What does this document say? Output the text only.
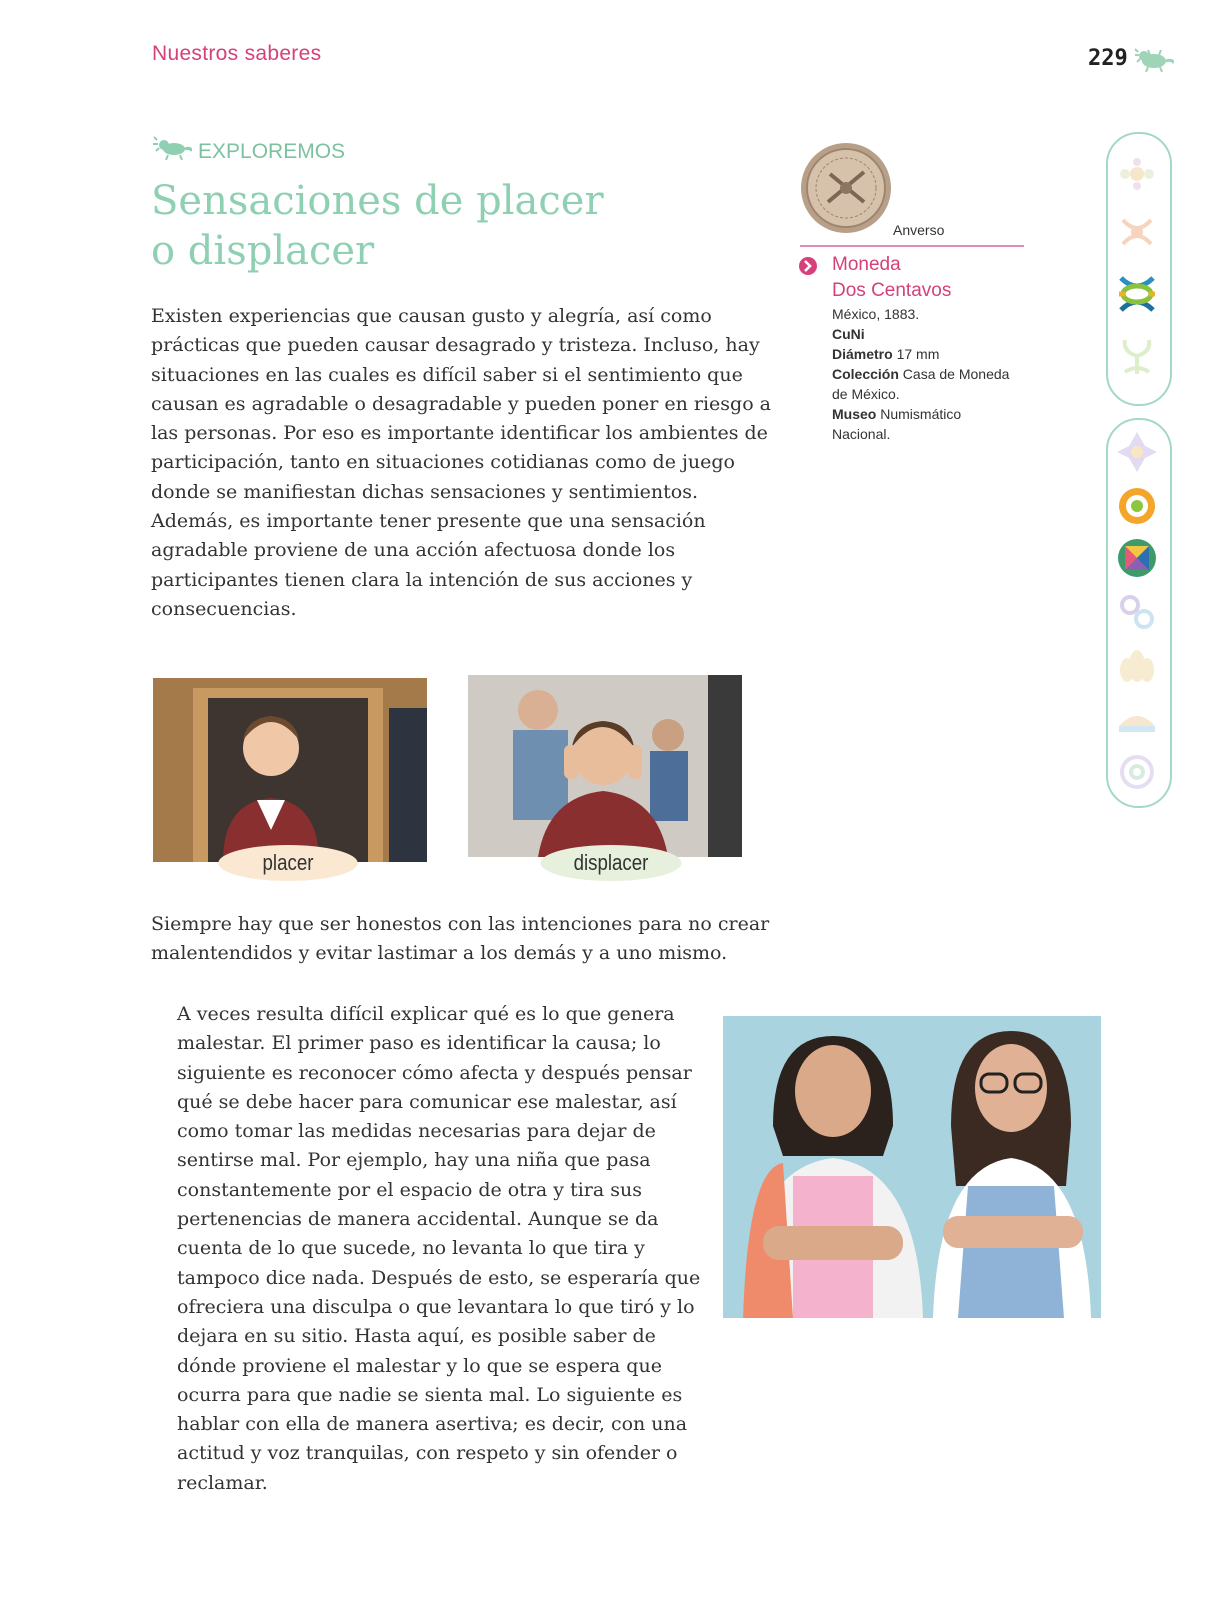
Nuestros saberes	229
EXPLOREMOS
Sensaciones de placer
o displacer

Existen experiencias que causan gusto y alegría, así como prácticas que pueden causar desagrado y tristeza. Incluso, hay situaciones en las cuales es difícil saber si el sentimiento que causan es agradable o desagradable y pueden poner en riesgo a las personas. Por eso es importante identificar los ambientes de participación, tanto en situaciones cotidianas como de juego donde se manifiestan dichas sensaciones y sentimientos. Además, es importante tener presente que una sensación agradable proviene de una acción afectuosa donde los participantes tienen clara la intención de sus acciones y consecuencias.

placer	displacer

Siempre hay que ser honestos con las intenciones para no crear malentendidos y evitar lastimar a los demás y a uno mismo.

A veces resulta difícil explicar qué es lo que genera malestar. El primer paso es identificar la causa; lo siguiente es reconocer cómo afecta y después pensar qué se debe hacer para comunicar ese malestar, así como tomar las medidas necesarias para dejar de sentirse mal. Por ejemplo, hay una niña que pasa constantemente por el espacio de otra y tira sus pertenencias de manera accidental. Aunque se da cuenta de lo que sucede, no levanta lo que tira y tampoco dice nada. Después de esto, se esperaría que ofreciera una disculpa o que levantara lo que tiró y lo dejara en su sitio. Hasta aquí, es posible saber de dónde proviene el malestar y lo que se espera que ocurra para que nadie se sienta mal. Lo siguiente es hablar con ella de manera asertiva; es decir, con una actitud y voz tranquilas, con respeto y sin ofender o reclamar.

Anverso
Moneda
Dos Centavos
México, 1883.
CuNi
Diámetro 17 mm
Colección Casa de Moneda
de México.
Museo Numismático
Nacional.
